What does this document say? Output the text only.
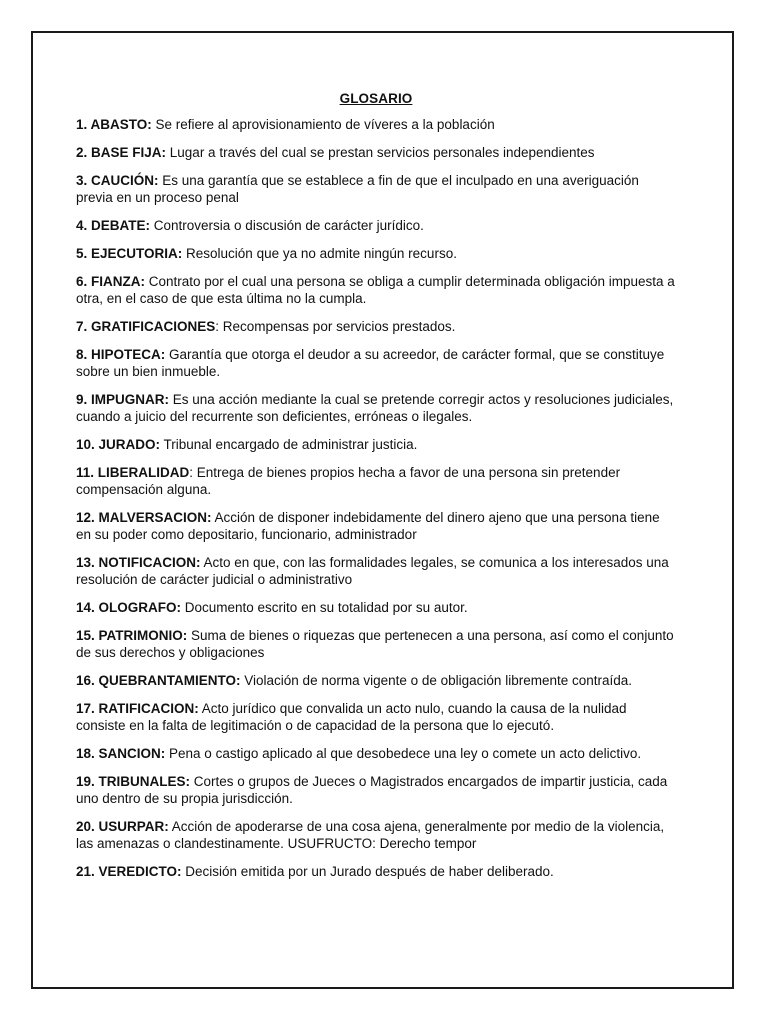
GLOSARIO

1. ABASTO: Se refiere al aprovisionamiento de víveres a la población

2. BASE FIJA: Lugar a través del cual se prestan servicios personales independientes

3. CAUCIÓN: Es una garantía que se establece a fin de que el inculpado en una averiguación previa en un proceso penal

4. DEBATE: Controversia o discusión de carácter jurídico.

5. EJECUTORIA: Resolución que ya no admite ningún recurso.

6. FIANZA: Contrato por el cual una persona se obliga a cumplir determinada obligación impuesta a otra, en el caso de que esta última no la cumpla.

7. GRATIFICACIONES: Recompensas por servicios prestados.

8. HIPOTECA: Garantía que otorga el deudor a su acreedor, de carácter formal, que se constituye sobre un bien inmueble.

9. IMPUGNAR: Es una acción mediante la cual se pretende corregir actos y resoluciones judiciales, cuando a juicio del recurrente son deficientes, erróneas o ilegales.

10. JURADO: Tribunal encargado de administrar justicia.

11. LIBERALIDAD: Entrega de bienes propios hecha a favor de una persona sin pretender compensación alguna.

12. MALVERSACION: Acción de disponer indebidamente del dinero ajeno que una persona tiene en su poder como depositario, funcionario, administrador

13. NOTIFICACION: Acto en que, con las formalidades legales, se comunica a los interesados una resolución de carácter judicial o administrativo

14. OLOGRAFO: Documento escrito en su totalidad por su autor.

15. PATRIMONIO: Suma de bienes o riquezas que pertenecen a una persona, así como el conjunto de sus derechos y obligaciones

16. QUEBRANTAMIENTO: Violación de norma vigente o de obligación libremente contraída.

17. RATIFICACION: Acto jurídico que convalida un acto nulo, cuando la causa de la nulidad consiste en la falta de legitimación o de capacidad de la persona que lo ejecutó.

18. SANCION: Pena o castigo aplicado al que desobedece una ley o comete un acto delictivo.

19. TRIBUNALES: Cortes o grupos de Jueces o Magistrados encargados de impartir justicia, cada uno dentro de su propia jurisdicción.

20. USURPAR: Acción de apoderarse de una cosa ajena, generalmente por medio de la violencia, las amenazas o clandestinamente. USUFRUCTO: Derecho tempor

21. VEREDICTO: Decisión emitida por un Jurado después de haber deliberado.
